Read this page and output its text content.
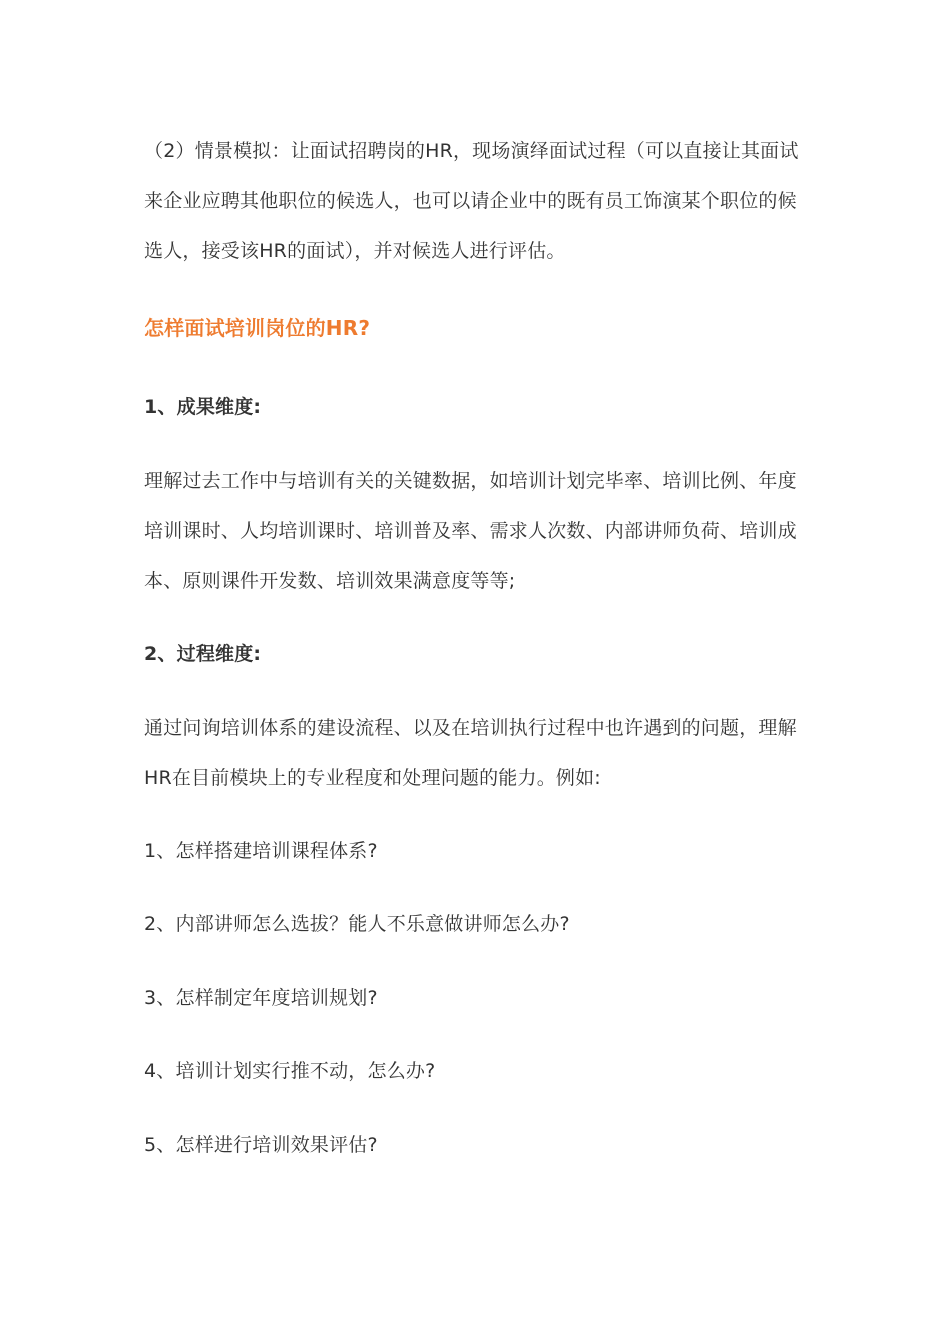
（2）情景模拟：让面试招聘岗的HR，现场演绎面试过程（可以直接让其面试
来企业应聘其他职位的候选人，也可以请企业中的既有员工饰演某个职位的候
选人，接受该HR的面试），并对候选人进行评估。
怎样面试培训岗位的HR?
1、成果维度:
理解过去工作中与培训有关的关键数据，如培训计划完毕率、培训比例、年度
培训课时、人均培训课时、培训普及率、需求人次数、内部讲师负荷、培训成
本、原则课件开发数、培训效果满意度等等;
2、过程维度:
通过问询培训体系的建设流程、以及在培训执行过程中也许遇到的问题，理解
HR在目前模块上的专业程度和处理问题的能力。例如:
1、怎样搭建培训课程体系?
2、内部讲师怎么选拔？能人不乐意做讲师怎么办?
3、怎样制定年度培训规划?
4、培训计划实行推不动，怎么办?
5、怎样进行培训效果评估?
